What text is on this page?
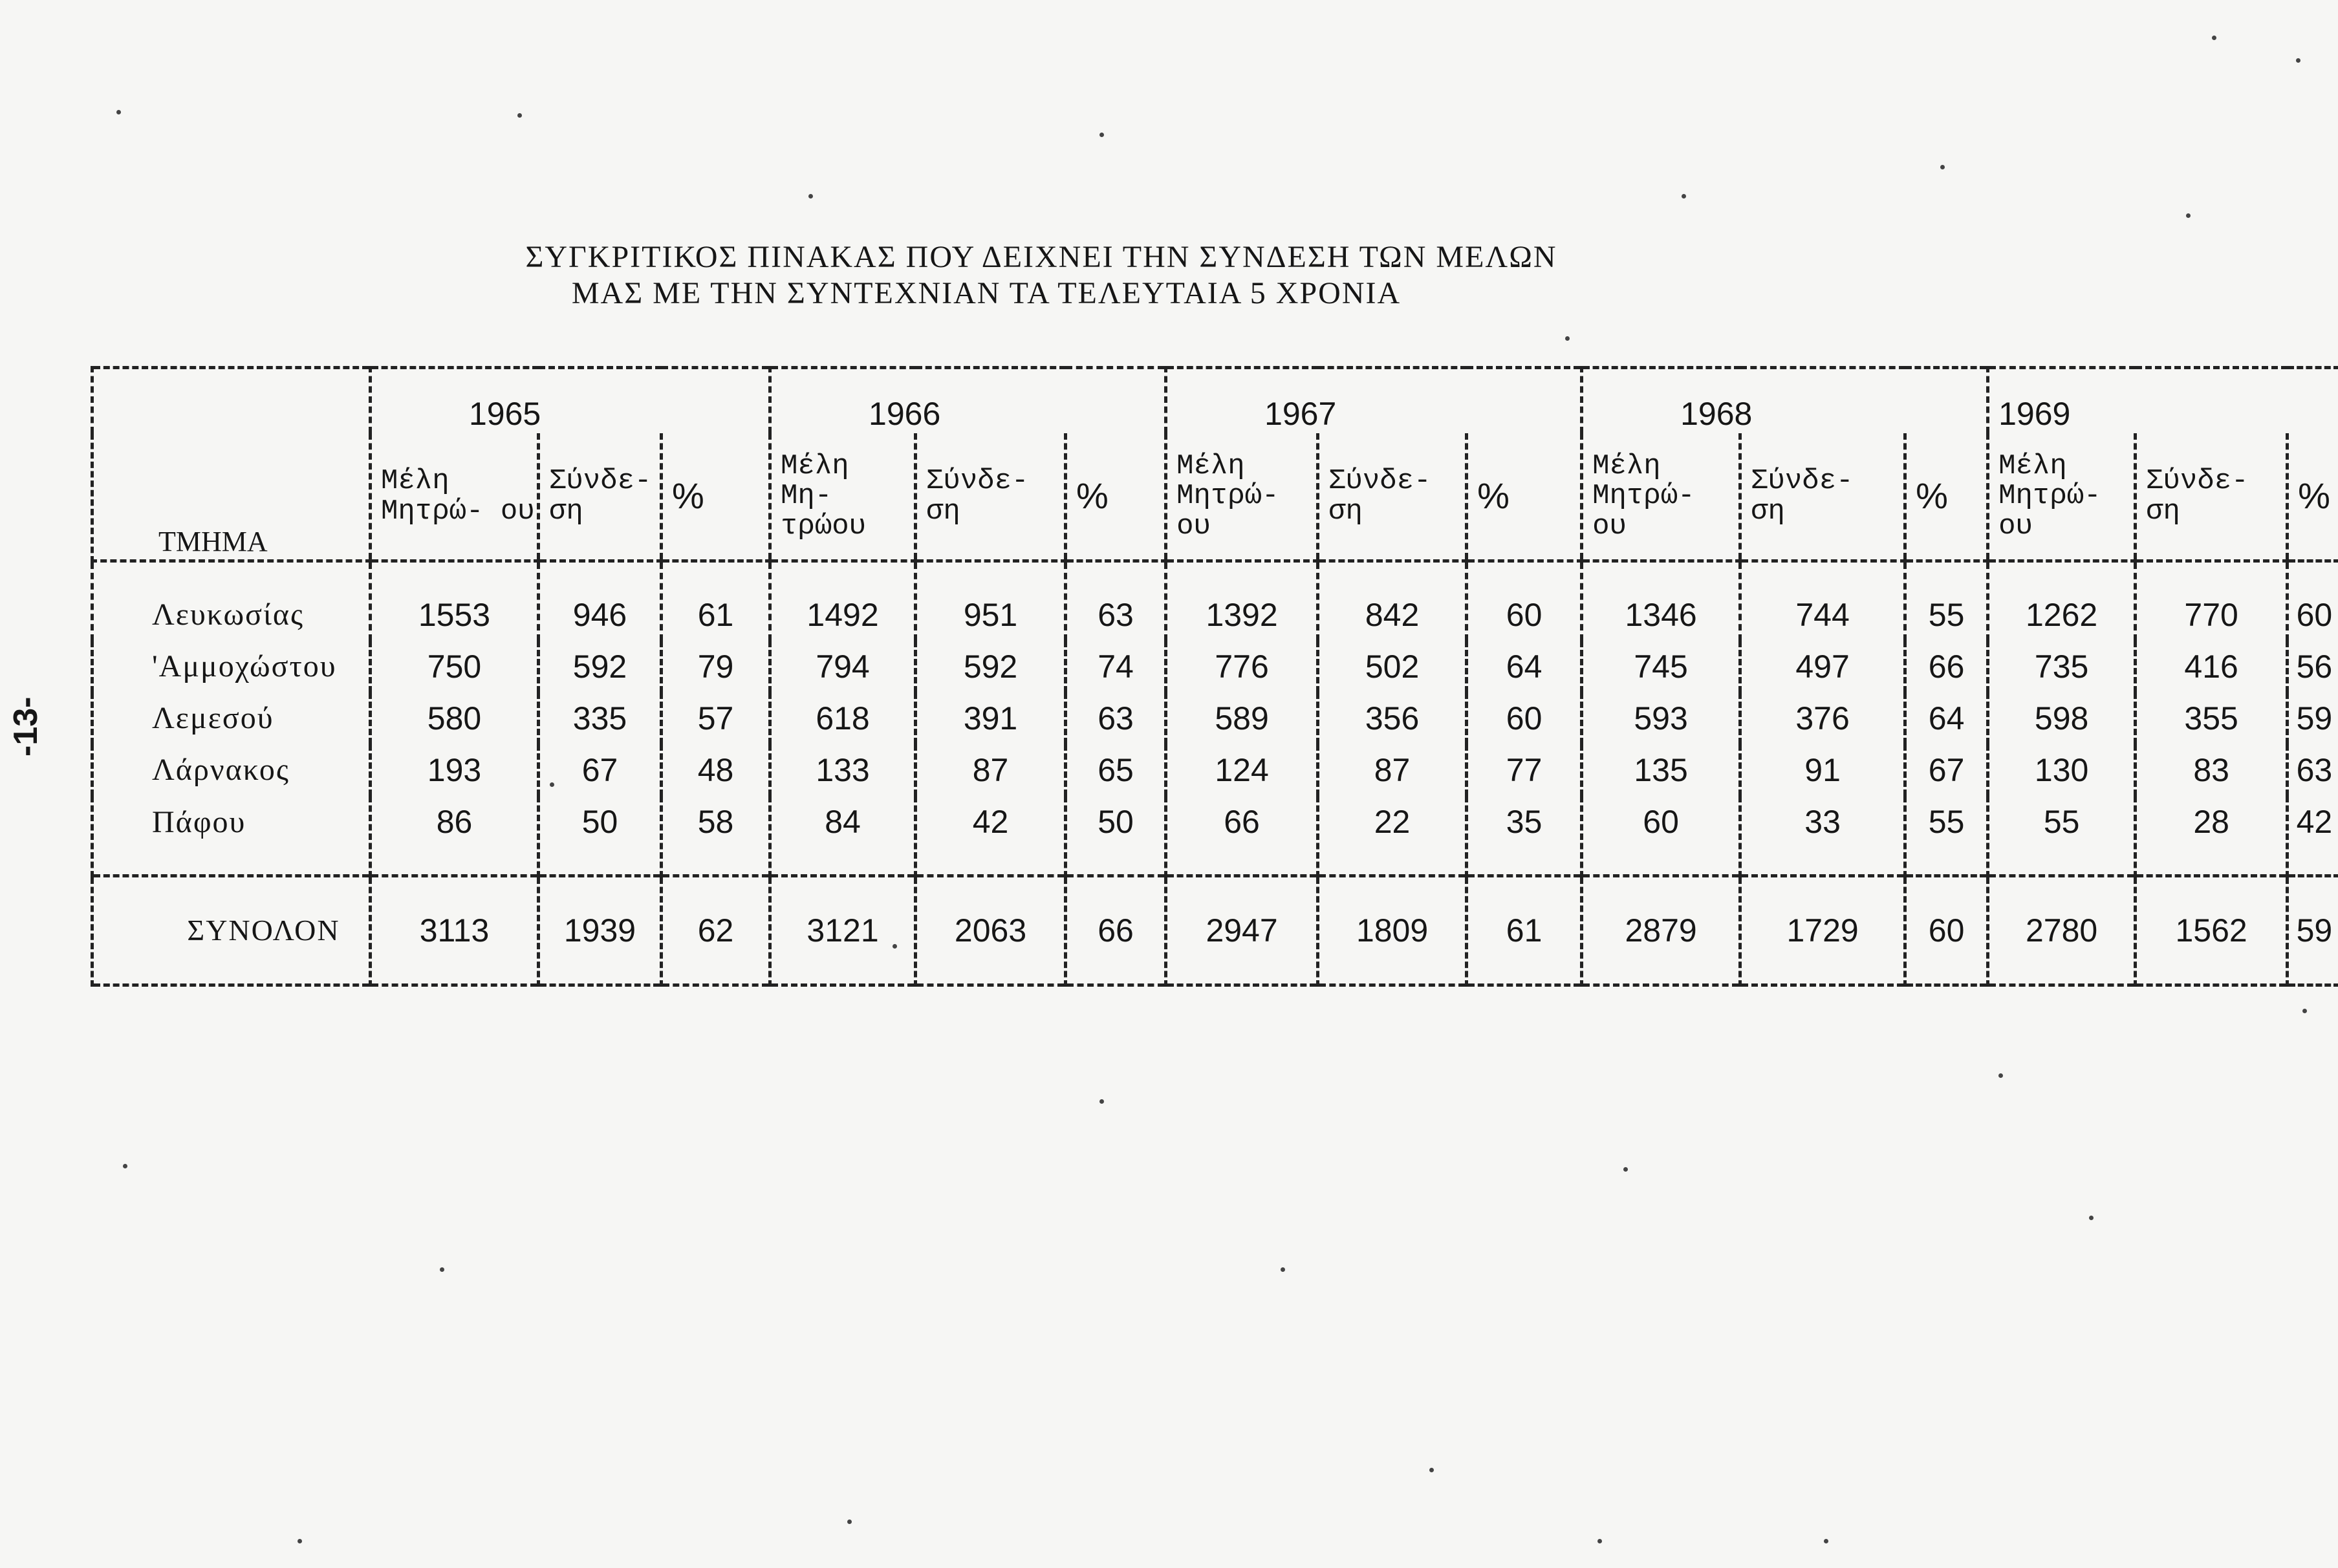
ΣΥΓΚΡΙΤΙΚΟΣ ΠΙΝΑΚΑΣ ΠΟΥ ΔΕΙΧΝΕΙ ΤΗΝ ΣΥΝΔΕΣΗ ΤΩΝ ΜΕΛΩΝ
ΜΑΣ ΜΕ ΤΗΝ ΣΥΝΤΕΧΝΙΑΝ ΤΑ ΤΕΛΕΥΤΑΙΑ 5 ΧΡΟΝΙΑ
-13-
ΤΜΗΜΑ	1965			1966			1967			1968			1969		
	Μέλη Μητρώ- ου	Σύνδε- ση	%	Μέλη Μη- τρώου	Σύνδε- ση	%	Μέλη Μητρώ- ου	Σύνδε- ση	%	Μέλη Μητρώ- ου	Σύνδε- ση	%	Μέλη Μητρώ- ου	Σύνδε- ση	%
Λευκωσίας	1553	946	61	1492	951	63	1392	842	60	1346	744	55	1262	770	60
'Αμμοχώστου	750	592	79	794	592	74	776	502	64	745	497	66	735	416	56
Λεμεσού	580	335	57	618	391	63	589	356	60	593	376	64	598	355	59
Λάρνακος	193	67	48	133	87	65	124	87	77	135	91	67	130	83	63
Πάφου	86	50	58	84	42	50	66	22	35	60	33	55	55	28	42
ΣΥΝΟΛΟΝ	3113	1939	62	3121	2063	66	2947	1809	61	2879	1729	60	2780	1562	59
